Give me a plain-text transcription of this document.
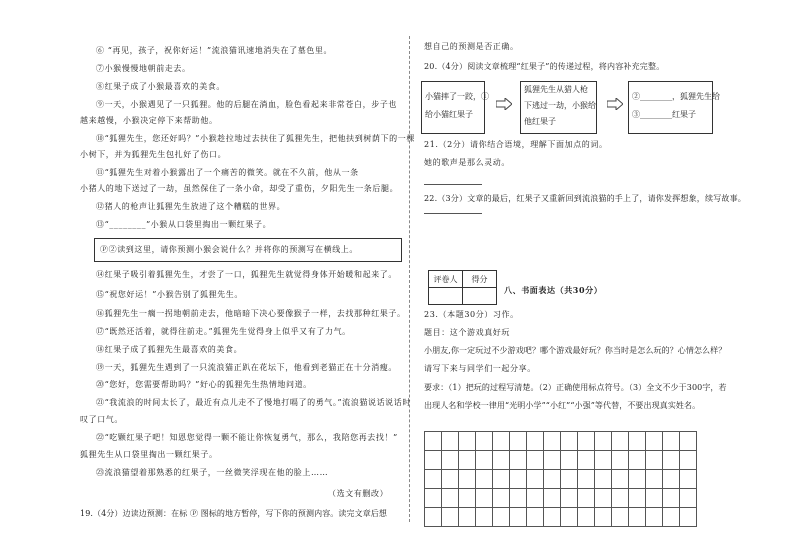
⑥ “再见，孩子，祝你好运！”流浪猫讯速地消失在了墓色里。
⑦小猴慢慢地朝前走去。
⑧红果子成了小猴最喜欢的美食。
⑨一天，小猴遇见了一只狐狸。他的后腿在淌血，脸色看起来非常苍白，步子也
越来越慢，小猴决定停下来帮助他。
⑩“狐狸先生，您还好吗？”小猴趁拉地过去扶住了狐狸先生，把他扶到树荫下的一棵
小树下，并为狐狸先生包扎好了伤口。
⑪“狐狸先生对着小猴露出了一个痛苦的微笑。就在不久前，他从一条
小猪人的地下送过了一劫，虽然保住了一条小命，却受了重伤，夕阳先生一条后腿。
⑫猪人的枪声让狐狸先生放进了这个糟糕的世界。
⑬“________”小猴从口袋里掏出一颗红果子。
Ⓟ②读到这里，请你预测小猴会说什么？并将你的预测写在横线上。
⑭红果子吸引着狐狸先生，才尝了一口，狐狸先生就觉得身体开始暖和起来了。
⑮“祝您好运！”小猴告别了狐狸先生。
⑯狐狸先生一瘸一拐地朝前走去，他暗暗下决心要像猴子一样，去找那种红果子。
⑰“既然还活着，就得往前走。”狐狸先生觉得身上似乎又有了力气。
⑱红果子成了狐狸先生最喜欢的美食。
⑲一天，狐狸先生遇到了一只流浪猫正趴在花坛下，他看到老猫正在十分消瘦。
⑳“您好，您需要帮助吗？”好心的狐狸先生热情地问道。
㉑“我流浪的时间太长了，最近有点儿走不了慢地打嗝了的勇气。”流浪猫说话说话时
叹了口气。
㉒“吃颗红果子吧！知恩您觉得一颗不能让你恢复勇气，那么，我陪您再去找！”
狐狸先生从口袋里掏出一颗红果子。
㉓流浪猫望着那熟悉的红果子，一丝微笑浮现在他的脸上……
（选文有删改）
19.（4分）边读边预测：在标 Ⓟ 图标的地方暂停，写下你的预测内容。读完文章后想
想自己的预测是否正确。
20.（4分）阅读文章梳理“红果子”的传递过程，将内容补充完整。
小猫摔了一跤，①
给小猫红果子
狐狸先生从猎人枪
下逃过一劫，小猴给
他红果子
②________，狐狸先生给
③________红果子
21.（2分）请你结合语境，理解下面加点的词。
她的歌声是那么灵动。
22.（3分）文章的最后，红果子又重新回到流浪猫的手上了，请你发挥想象，续写故事。
评卷人	得分

八、书面表达（共30分）
23.（本题30分）习作。
题目：这个游戏真好玩
小朋友,你一定玩过不少游戏吧？哪个游戏最好玩？你当时是怎么玩的？心情怎么样？
请写下来与同学们一起分享。
要求：（1）把玩的过程写清楚。（2）正确使用标点符号。（3）全文不少于300字，若
出现人名和学校一律用“光明小学”“小红”“小强”等代替，不要出现真实姓名。
